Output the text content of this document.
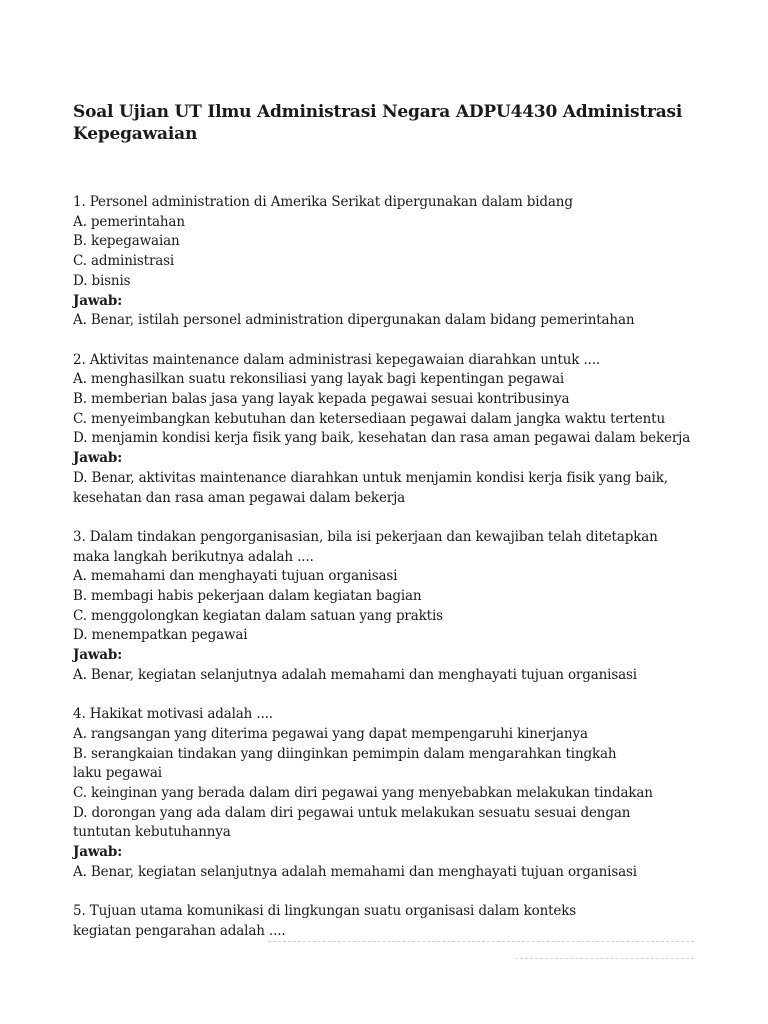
Soal Ujian UT Ilmu Administrasi Negara ADPU4430 Administrasi
Kepegawaian
1. Personel administration di Amerika Serikat dipergunakan dalam bidang
A. pemerintahan
B. kepegawaian
C. administrasi
D. bisnis
Jawab:
A. Benar, istilah personel administration dipergunakan dalam bidang pemerintahan
2. Aktivitas maintenance dalam administrasi kepegawaian diarahkan untuk ....
A. menghasilkan suatu rekonsiliasi yang layak bagi kepentingan pegawai
B. memberian balas jasa yang layak kepada pegawai sesuai kontribusinya
C. menyeimbangkan kebutuhan dan ketersediaan pegawai dalam jangka waktu tertentu
D. menjamin kondisi kerja fisik yang baik, kesehatan dan rasa aman pegawai dalam bekerja
Jawab:
D. Benar, aktivitas maintenance diarahkan untuk menjamin kondisi kerja fisik yang baik,
kesehatan dan rasa aman pegawai dalam bekerja
3. Dalam tindakan pengorganisasian, bila isi pekerjaan dan kewajiban telah ditetapkan
maka langkah berikutnya adalah ....
A. memahami dan menghayati tujuan organisasi
B. membagi habis pekerjaan dalam kegiatan bagian
C. menggolongkan kegiatan dalam satuan yang praktis
D. menempatkan pegawai
Jawab:
A. Benar, kegiatan selanjutnya adalah memahami dan menghayati tujuan organisasi
4. Hakikat motivasi adalah ....
A. rangsangan yang diterima pegawai yang dapat mempengaruhi kinerjanya
B. serangkaian tindakan yang diinginkan pemimpin dalam mengarahkan tingkah
laku pegawai
C. keinginan yang berada dalam diri pegawai yang menyebabkan melakukan tindakan
D. dorongan yang ada dalam diri pegawai untuk melakukan sesuatu sesuai dengan
tuntutan kebutuhannya
Jawab:
A. Benar, kegiatan selanjutnya adalah memahami dan menghayati tujuan organisasi
5. Tujuan utama komunikasi di lingkungan suatu organisasi dalam konteks
kegiatan pengarahan adalah ....
